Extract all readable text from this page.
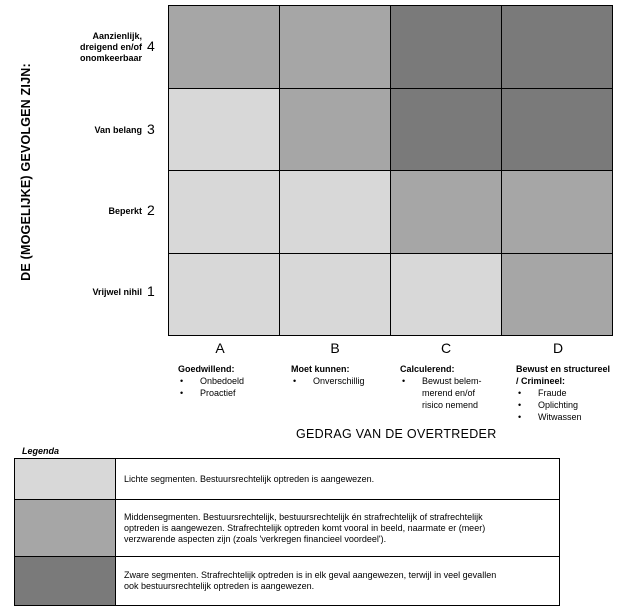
DE (MOGELIJKE) GEVOLGEN ZIJN:
GEDRAG VAN DE OVERTREDER
Legenda
Lichte segmenten. Bestuursrechtelijk optreden is aangewezen.
Middensegmenten. Bestuursrechtelijk, bestuursrechtelijk én strafrechtelijk of strafrechtelijk
optreden is aangewezen. Strafrechtelijk optreden komt vooral in beeld, naarmate er (meer)
verzwarende aspecten zijn (zoals 'verkregen financieel voordeel').
Zware segmenten. Strafrechtelijk optreden is in elk geval aangewezen, terwijl in veel gevallen
ook bestuursrechtelijk optreden is aangewezen.
Aanzienlijk,
dreigend en/of
onomkeerbaar
4
Van belang 3
Beperkt 2
Vrijwel nihil 1
A
Goedwillend:
• Onbedoeld
• Proactief
B
Moet kunnen:
• Onverschillig
C
Calculerend:
• Bewust belem-
merend en/of
risico nemend
D
Bewust en structureel
/ Crimineel:
• Fraude
• Oplichting
• Witwassen
